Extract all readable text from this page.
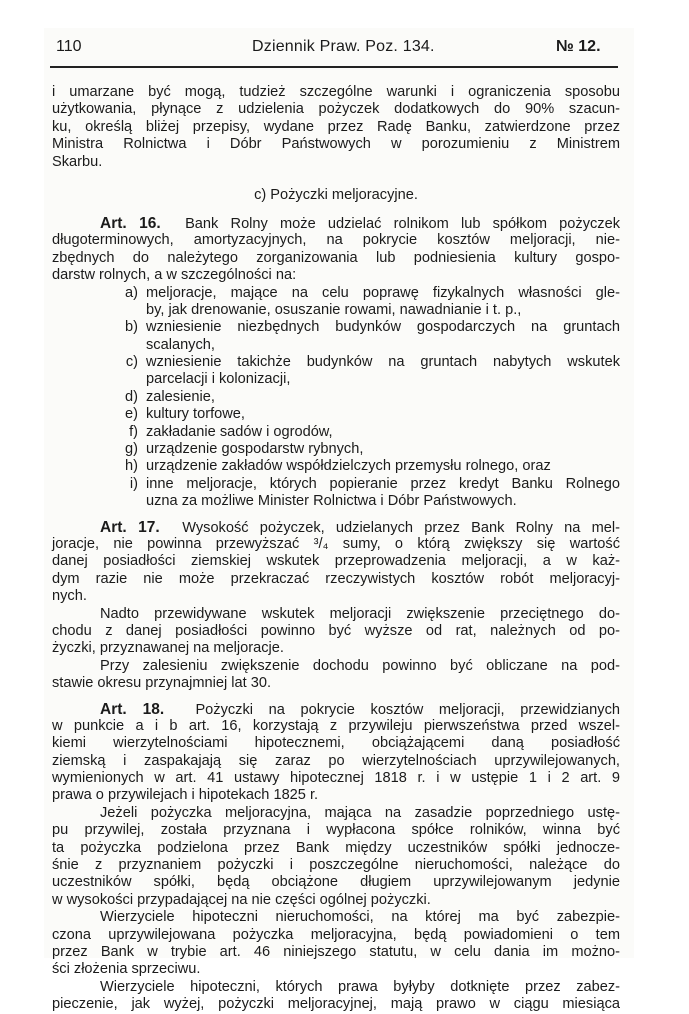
110	Dziennik Praw. Poz. 134.	№ 12.
i umarzane być mogą, tudzież szczególne warunki i ograniczenia sposobu
użytkowania, płynące z udzielenia pożyczek dodatkowych do 90% szacun-
ku, określą bliżej przepisy, wydane przez Radę Banku, zatwierdzone przez
Ministra Rolnictwa i Dóbr Państwowych w porozumieniu z Ministrem
Skarbu.
c) Pożyczki meljoracyjne.
Art. 16. Bank Rolny może udzielać rolnikom lub spółkom pożyczek
długoterminowych, amortyzacyjnych, na pokrycie kosztów meljoracji, nie-
zbędnych do należytego zorganizowania lub podniesienia kultury gospo-
darstw rolnych, a w szczególności na:
a) meljoracje, mające na celu poprawę fizykalnych własności gle-
by, jak drenowanie, osuszanie rowami, nawadnianie i t. p.,
b) wzniesienie niezbędnych budynków gospodarczych na gruntach
scalanych,
c) wzniesienie takichże budynków na gruntach nabytych wskutek
parcelacji i kolonizacji,
d) zalesienie,
e) kultury torfowe,
f) zakładanie sadów i ogrodów,
g) urządzenie gospodarstw rybnych,
h) urządzenie zakładów współdzielczych przemysłu rolnego, oraz
i) inne meljoracje, których popieranie przez kredyt Banku Rolnego
uzna za możliwe Minister Rolnictwa i Dóbr Państwowych.
Art. 17. Wysokość pożyczek, udzielanych przez Bank Rolny na mel-
joracje, nie powinna przewyższać ³/₄ sumy, o którą zwiększy się wartość
danej posiadłości ziemskiej wskutek przeprowadzenia meljoracji, a w każ-
dym razie nie może przekraczać rzeczywistych kosztów robót meljoracyj-
nych.
Nadto przewidywane wskutek meljoracji zwiększenie przeciętnego do-
chodu z danej posiadłości powinno być wyższe od rat, należnych od po-
życzki, przyznawanej na meljoracje.
Przy zalesieniu zwiększenie dochodu powinno być obliczane na pod-
stawie okresu przynajmniej lat 30.
Art. 18. Pożyczki na pokrycie kosztów meljoracji, przewidzianych
w punkcie a i b art. 16, korzystają z przywileju pierwszeństwa przed wszel-
kiemi wierzytelnościami hipotecznemi, obciążającemi daną posiadłość
ziemską i zaspakajają się zaraz po wierzytelnościach uprzywilejowanych,
wymienionych w art. 41 ustawy hipotecznej 1818 r. i w ustępie 1 i 2 art. 9
prawa o przywilejach i hipotekach 1825 r.
Jeżeli pożyczka meljoracyjna, mająca na zasadzie poprzedniego ustę-
pu przywilej, została przyznana i wypłacona spółce rolników, winna być
ta pożyczka podzielona przez Bank między uczestników spółki jednocze-
śnie z przyznaniem pożyczki i poszczególne nieruchomości, należące do
uczestników spółki, będą obciążone długiem uprzywilejowanym jedynie
w wysokości przypadającej na nie części ogólnej pożyczki.
Wierzyciele hipoteczni nieruchomości, na której ma być zabezpie-
czona uprzywilejowana pożyczka meljoracyjna, będą powiadomieni o tem
przez Bank w trybie art. 46 niniejszego statutu, w celu dania im możno-
ści złożenia sprzeciwu.
Wierzyciele hipoteczni, których prawa byłyby dotknięte przez zabez-
pieczenie, jak wyżej, pożyczki meljoracyjnej, mają prawo w ciągu miesiąca
